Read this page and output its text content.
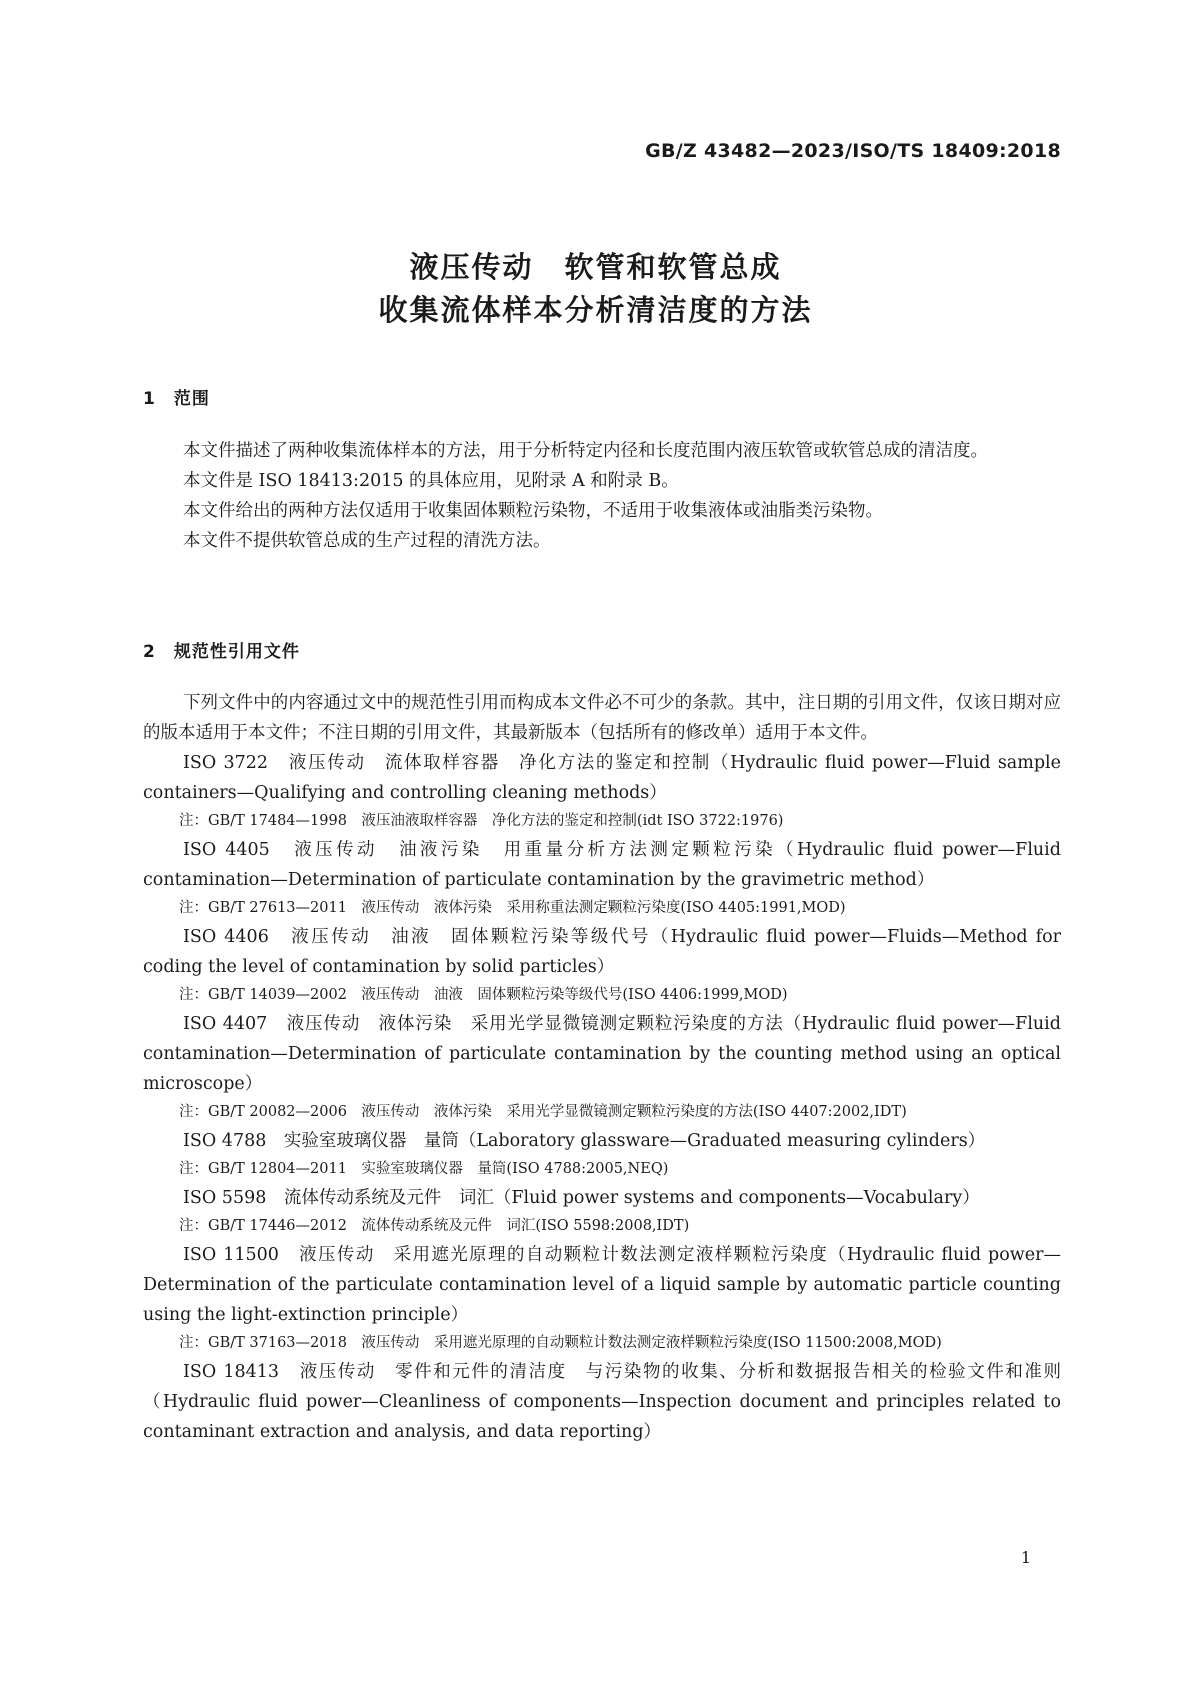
GB/Z 43482—2023/ISO/TS 18409:2018
液压传动　软管和软管总成
收集流体样本分析清洁度的方法
1　范围

本文件描述了两种收集流体样本的方法，用于分析特定内径和长度范围内液压软管或软管总成的清洁度。

本文件是 ISO 18413:2015 的具体应用，见附录 A 和附录 B。

本文件给出的两种方法仅适用于收集固体颗粒污染物，不适用于收集液体或油脂类污染物。

本文件不提供软管总成的生产过程的清洗方法。

2　规范性引用文件

下列文件中的内容通过文中的规范性引用而构成本文件必不可少的条款。其中，注日期的引用文件，仅该日期对应的版本适用于本文件；不注日期的引用文件，其最新版本（包括所有的修改单）适用于本文件。

ISO 3722　液压传动　流体取样容器　净化方法的鉴定和控制（Hydraulic fluid power—Fluid sample containers—Qualifying and controlling cleaning methods）

注：GB/T 17484—1998　液压油液取样容器　净化方法的鉴定和控制(idt ISO 3722:1976)

ISO 4405　液压传动　油液污染　用重量分析方法测定颗粒污染（Hydraulic fluid power—Fluid contamination—Determination of particulate contamination by the gravimetric method）

注：GB/T 27613—2011　液压传动　液体污染　采用称重法测定颗粒污染度(ISO 4405:1991,MOD)

ISO 4406　液压传动　油液　固体颗粒污染等级代号（Hydraulic fluid power—Fluids—Method for coding the level of contamination by solid particles）

注：GB/T 14039—2002　液压传动　油液　固体颗粒污染等级代号(ISO 4406:1999,MOD)

ISO 4407　液压传动　液体污染　采用光学显微镜测定颗粒污染度的方法（Hydraulic fluid power—Fluid contamination—Determination of particulate contamination by the counting method using an optical microscope）

注：GB/T 20082—2006　液压传动　液体污染　采用光学显微镜测定颗粒污染度的方法(ISO 4407:2002,IDT)

ISO 4788　实验室玻璃仪器　量筒（Laboratory glassware—Graduated measuring cylinders）

注：GB/T 12804—2011　实验室玻璃仪器　量筒(ISO 4788:2005,NEQ)

ISO 5598　流体传动系统及元件　词汇（Fluid power systems and components—Vocabulary）

注：GB/T 17446—2012　流体传动系统及元件　词汇(ISO 5598:2008,IDT)

ISO 11500　液压传动　采用遮光原理的自动颗粒计数法测定液样颗粒污染度（Hydraulic fluid power—Determination of the particulate contamination level of a liquid sample by automatic particle counting using the light-extinction principle）

注：GB/T 37163—2018　液压传动　采用遮光原理的自动颗粒计数法测定液样颗粒污染度(ISO 11500:2008,MOD)

ISO 18413　液压传动　零件和元件的清洁度　与污染物的收集、分析和数据报告相关的检验文件和准则（Hydraulic fluid power—Cleanliness of components—Inspection document and principles related to contaminant extraction and analysis, and data reporting）

1
